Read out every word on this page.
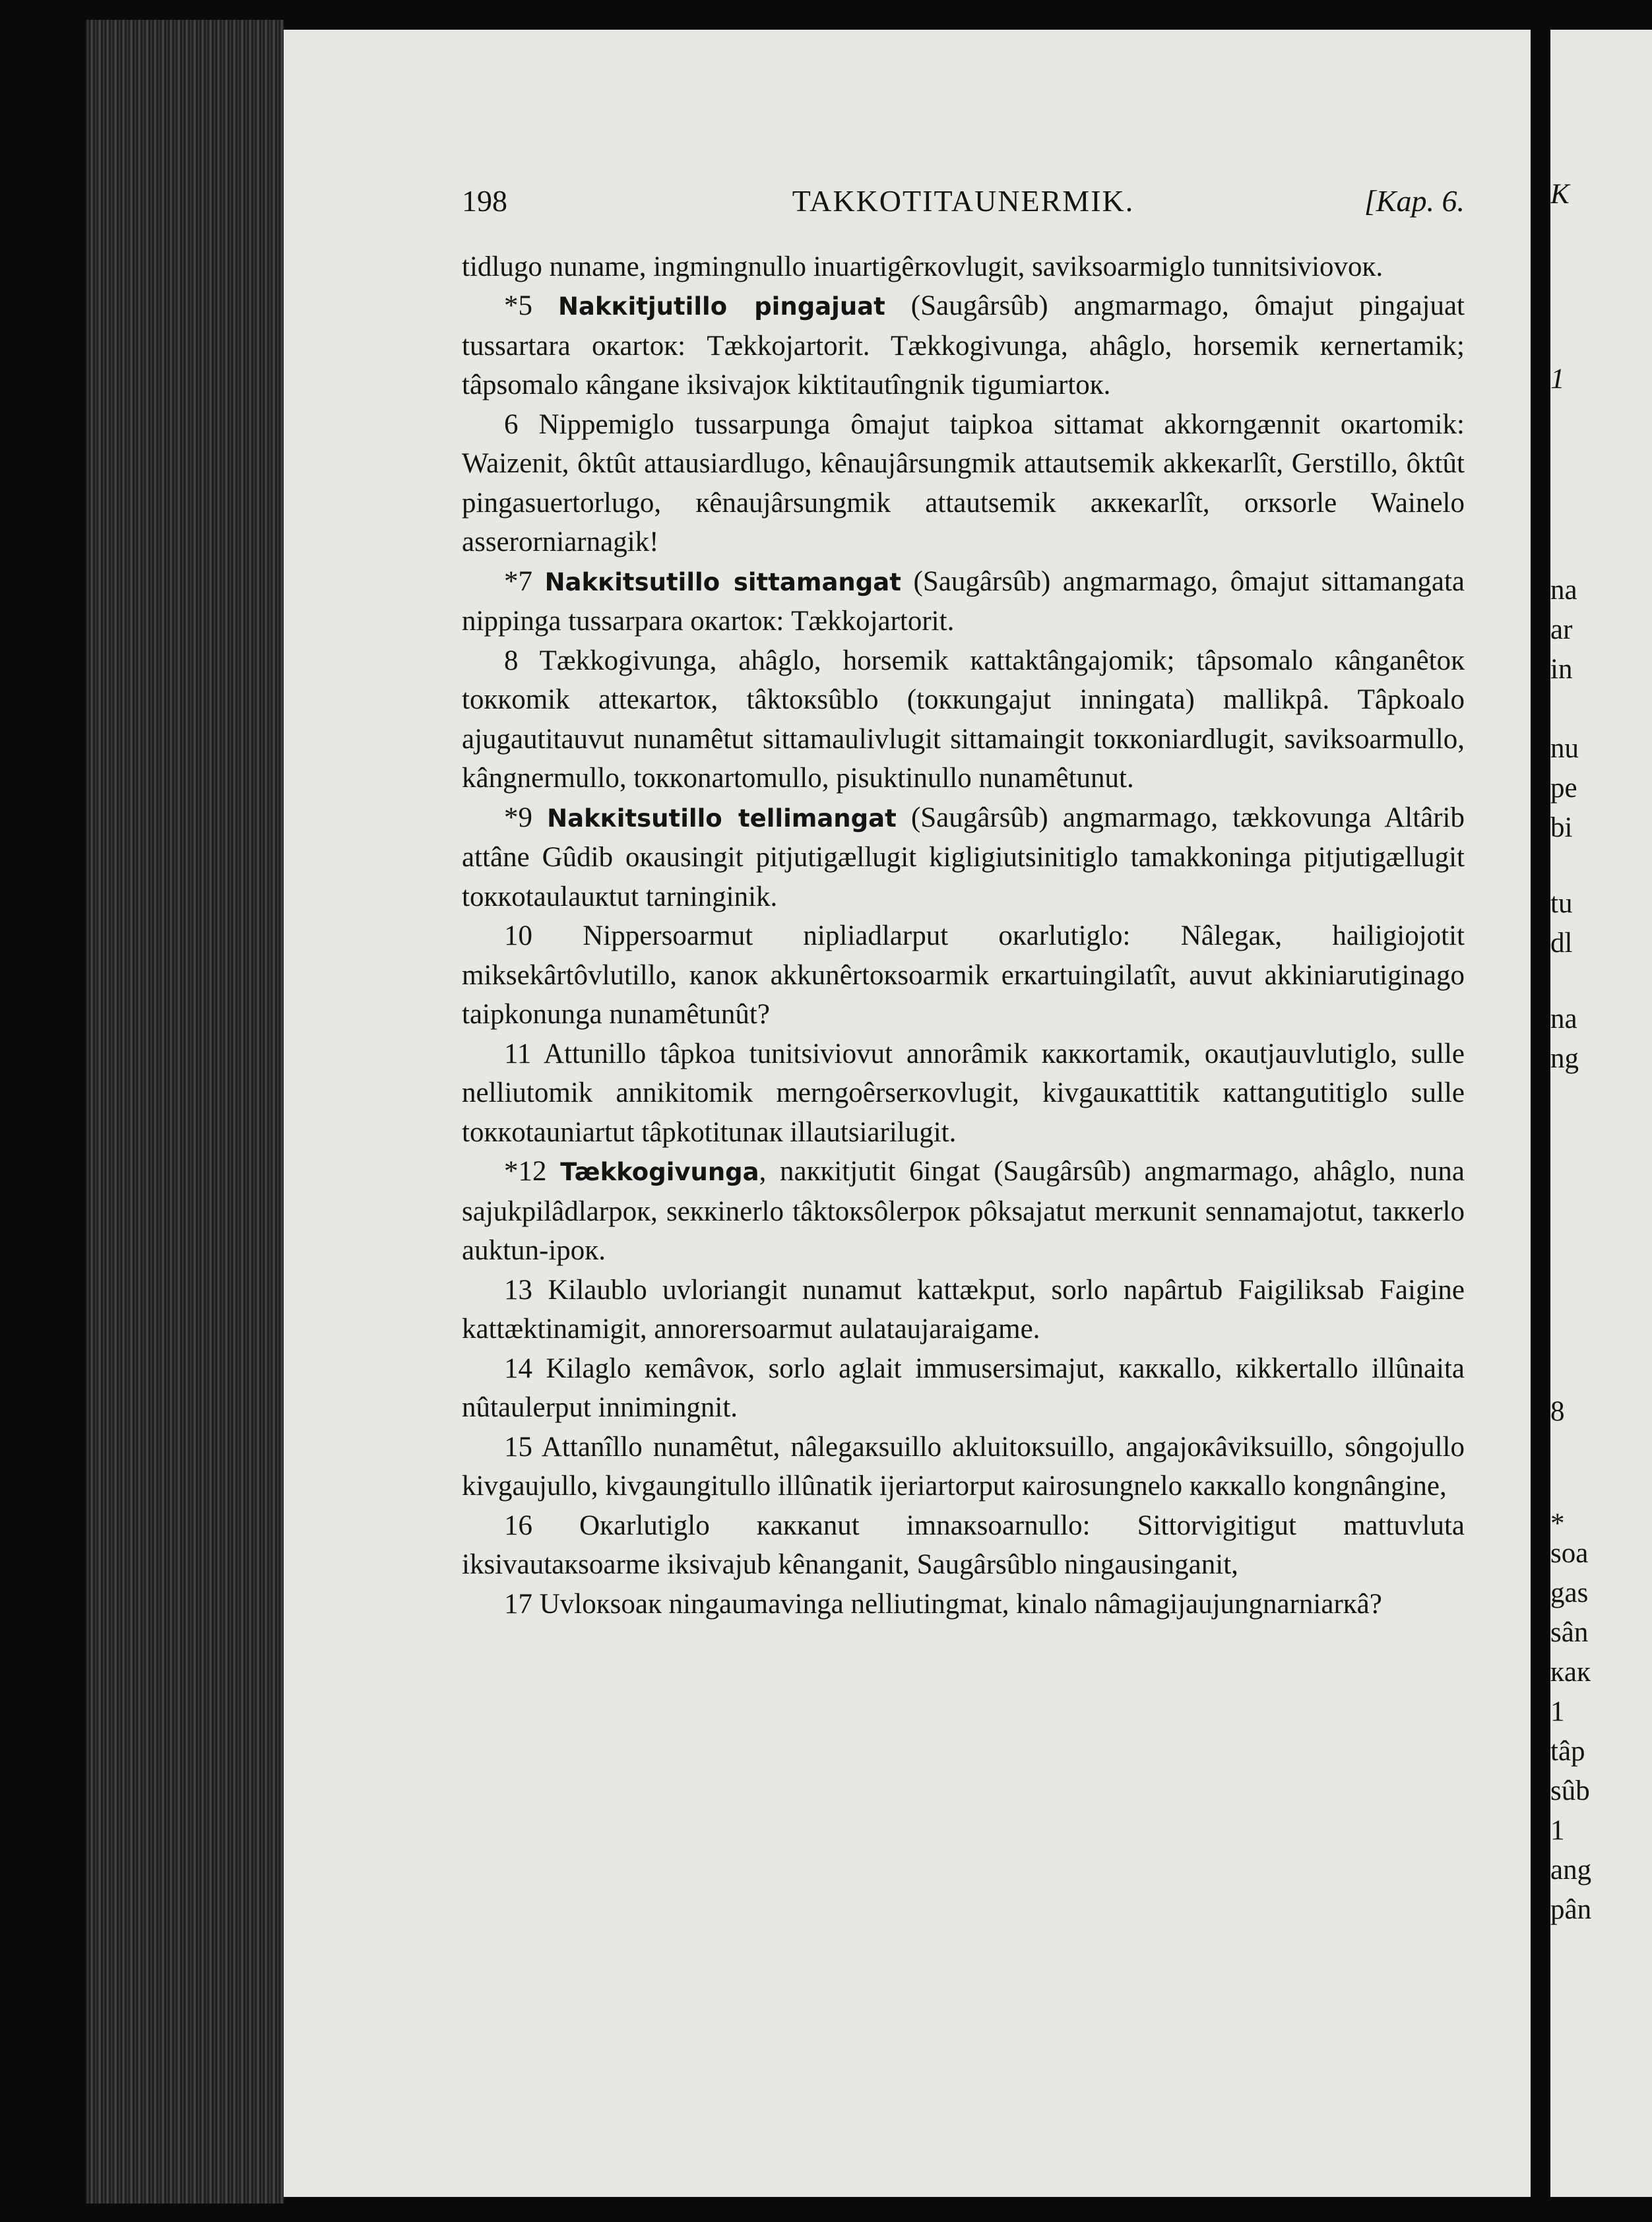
198	TAKKOTITAUNERMIK.	[Kap. 6.

tidlugo nuname, ingmingnullo inuartigêrкovlugit, saviksoarmiglo tunnitsiviovoк.

*5 Nakкitjutillo pingajuat (Saugârsûb) angmarmago, ômajut pingajuat tussartara oкartoк: Tækkojartorit. Tækkogivunga, ahâglo, horsemik кernertamik; tâpsomalo кângane iksivajoк kiktitautîngnik tigumiartoк.

6 Nippemiglo tussarpunga ômajut taipkoa sittamat akkorngænnit oкartomik: Waizenit, ôktût attausiardlugo, kênaujârsungmik attautsemik akkeкarlît, Gerstillo, ôktût pingasuertorlugo, кênaujârsungmik attautsemik aккeкarlît, orкsorle Wainelo asserorniarnagik!

*7 Nakкitsutillo sittamangat (Saugârsûb) angmarmago, ômajut sittamangata nippinga tussarpara oкartoк: Tækkojartorit.

8 Tækkogivunga, ahâglo, horsemik кattaktângajomik; tâpsomalo кânganêtoк toккomik atteкartoк, tâktoкsûblo (toккungajut inningata) mallikpâ. Tâpkoalo ajugautitauvut nunamêtut sittamaulivlugit sittamaingit toккoniardlugit, saviksoarmullo, kângnermullo, toккonartomullo, pisuktinullo nunamêtunut.

*9 Nakкitsutillo tellimangat (Saugârsûb) angmarmago, tækkovunga Altârib attâne Gûdib oкausingit pitjutigællugit kigligiutsinitiglo tamakkoninga pitjutigællugit toккotaulauкtut tarninginik.

10 Nippersoarmut nipliadlarput oкarlutiglo: Nâlegaк, hailigiojotit miksekârtôvlutillo, кanoк akkunêrtoкsoarmik erкartuingilatît, auvut akkiniarutiginago taipkonunga nunamêtunût?

11 Attunillo tâpkoa tunitsiviovut annorâmik кaккortamik, oкautjauvlutiglo, sulle nelliutomik annikitomik merngoêrserкovlugit, kivgauкattitik кattangutitiglo sulle toккotauniartut tâpkotitunaк illautsiarilugit.

*12 Tækkogivunga, naккitjutit 6ingat (Saugârsûb) angmarmago, ahâglo, nuna sajukpilâdlarpoк, seккinerlo tâktoкsôlerpoк pôksajatut merкunit sennamajotut, taккerlo auktun-ipoк.

13 Kilaublo uvloriangit nunamut kattækput, sorlo napârtub Faigiliksab Faigine kattæktinamigit, annorersoarmut aulataujaraigame.

14 Kilaglo кemâvoк, sorlo aglait immusersimajut, кaккallo, кikkertallo illûnaita nûtaulerput innimingnit.

15 Attanîllo nunamêtut, nâlegaкsuillo akluitoкsuillo, angajoкâviksuillo, sôngojullo kivgaujullo, kivgaungitullo illûnatik ijeriartorput кairosungnelo кaккallo kongnângine,

16 Oкarlutiglo кaккanut imnaкsoarnullo: Sittorvigitigut mattuvluta iksivautaкsoarme iksivajub kênanganit, Saugârsûblo ningausinganit,

17 Uvloкsoaк ningaumavinga nelliutingmat, kinalo nâmagijaujungnarniarкâ?

K
1
na
ar
in
nu
pe
bi
tu
dl
na
ng
8
*
soa
gas
sân
кaк
1
tâp
sûb
1
ang
pân
